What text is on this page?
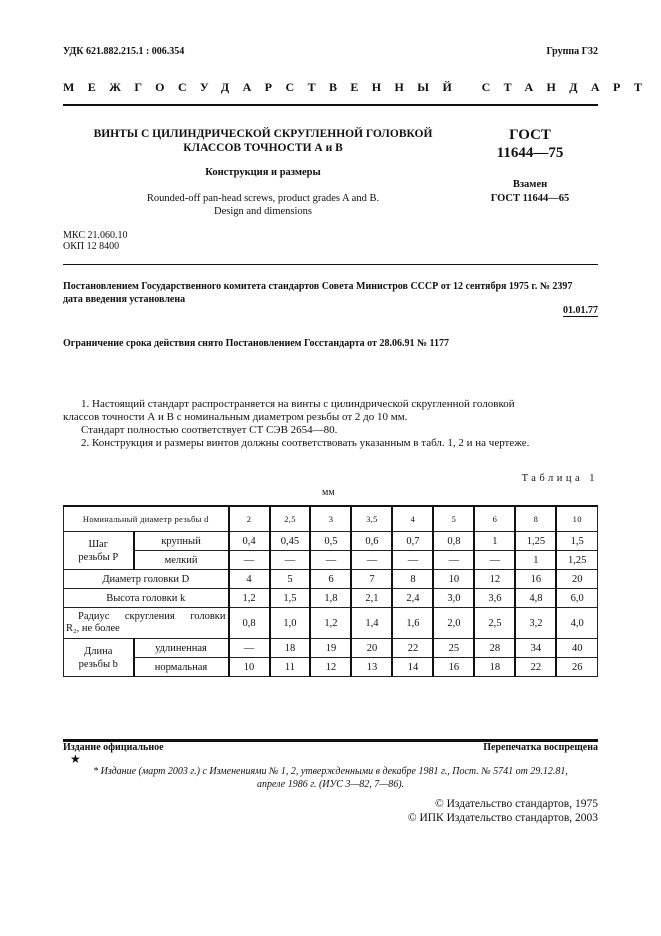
УДК 621.882.215.1 : 006.354	Группа Г32
МЕЖГОСУДАРСТВЕННЫЙ СТАНДАРТ
ВИНТЫ С ЦИЛИНДРИЧЕСКОЙ СКРУГЛЕННОЙ ГОЛОВКОЙ
КЛАССОВ ТОЧНОСТИ А и В
Конструкция и размеры
Rounded-off pan-head screws, product grades A and B.
Design and dimensions
ГОСТ
11644—75
Взамен
ГОСТ 11644—65
МКС 21.060.10
ОКП 12 8400
Постановлением Государственного комитета стандартов Совета Министров СССР от 12 сентября 1975 г. № 2397
дата введения установлена
01.01.77
Ограничение срока действия снято Постановлением Госстандарта от 28.06.91 № 1177

1. Настоящий стандарт распространяется на винты с цилиндрической скругленной головкой

классов точности А и В с номинальным диаметром резьбы от 2 до 10 мм.

Стандарт полностью соответствует СТ СЭВ 2654—80.

2. Конструкция и размеры винтов должны соответствовать указанным в табл. 1, 2 и на чертеже.

Таблица 1
мм
Номинальный диаметр резьбы d		2	2,5	3	3,5	4	5	6	8	10

Шаг
резьбы P	крупный	0,4	0,45	0,5	0,6	0,7	0,8	1	1,25	1,5
	мелкий	—	—	—	—	—	—	—	1	1,25
Диаметр головки D		4	5	6	7	8	10	12	16	20
Высота головки k		1,2	1,5	1,8	2,1	2,4	3,0	3,6	4,8	6,0

Радиус скругления головки
R₂, не более		0,8	1,0	1,2	1,4	1,6	2,0	2,5	3,2	4,0

Длина
резьбы b	удлиненная	—	18	19	20	22	25	28	34	40
	нормальная	10	11	12	13	14	16	18	22	26
Издание официальное	Перепечатка воспрещена
★
* Издание (март 2003 г.) с Изменениями № 1, 2, утвержденными в декабре 1981 г., Пост. № 5741 от 29.12.81,
апреле 1986 г. (ИУС 3—82, 7—86).
© Издательство стандартов, 1975
© ИПК Издательство стандартов, 2003
